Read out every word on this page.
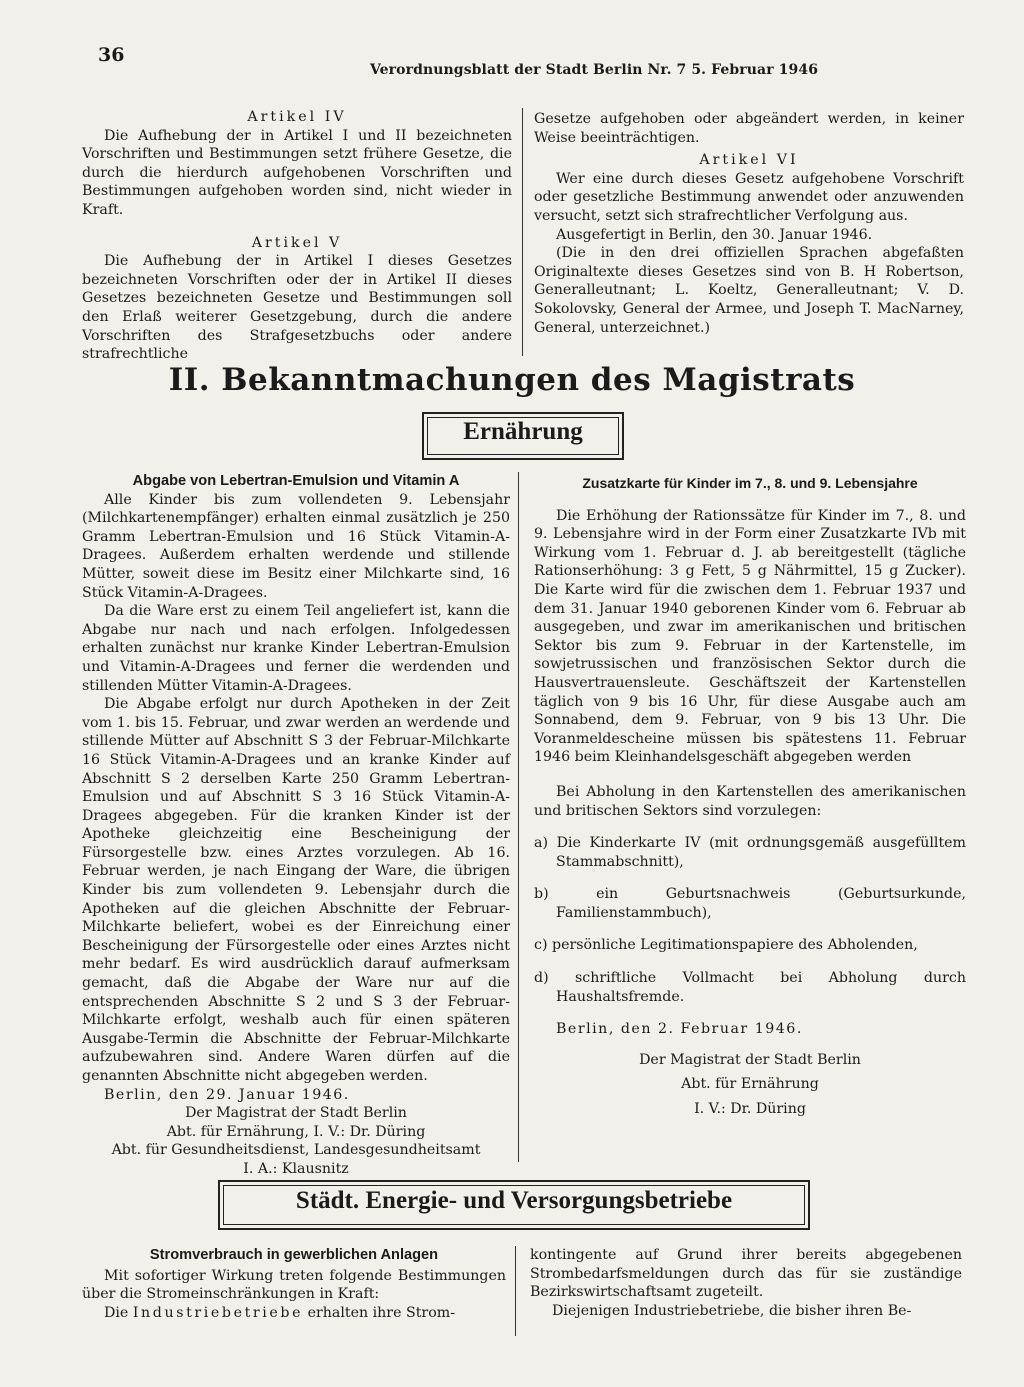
36
Verordnungsblatt der Stadt Berlin Nr. 7 5. Februar 1946

Artikel IV

Die Aufhebung der in Artikel I und II bezeichneten Vorschriften und Bestimmungen setzt frühere Gesetze, die durch die hierdurch aufgehobenen Vorschriften und Bestimmungen aufgehoben worden sind, nicht wieder in Kraft.

Artikel V

Die Aufhebung der in Artikel I dieses Gesetzes bezeichneten Vorschriften oder der in Artikel II dieses Gesetzes bezeichneten Gesetze und Bestimmungen soll den Erlaß weiterer Gesetzgebung, durch die andere Vorschriften des Strafgesetzbuchs oder andere strafrechtliche

Gesetze aufgehoben oder abgeändert werden, in keiner Weise beeinträchtigen.

Artikel VI

Wer eine durch dieses Gesetz aufgehobene Vorschrift oder gesetzliche Bestimmung anwendet oder anzuwenden versucht, setzt sich strafrechtlicher Verfolgung aus.

Ausgefertigt in Berlin, den 30. Januar 1946.

(Die in den drei offiziellen Sprachen abgefaßten Originaltexte dieses Gesetzes sind von B. H Robertson, Generalleutnant; L. Koeltz, Generalleutnant; V. D. Sokolovsky, General der Armee, und Joseph T. MacNarney, General, unterzeichnet.)

II. Bekanntmachungen des Magistrats
Ernährung

Abgabe von Lebertran-Emulsion und Vitamin A

Alle Kinder bis zum vollendeten 9. Lebensjahr (Milchkartenempfänger) erhalten einmal zusätzlich je 250 Gramm Lebertran-Emulsion und 16 Stück Vitamin-A-Dragees. Außerdem erhalten werdende und stillende Mütter, soweit diese im Besitz einer Milchkarte sind, 16 Stück Vitamin-A-Dragees.

Da die Ware erst zu einem Teil angeliefert ist, kann die Abgabe nur nach und nach erfolgen. Infolgedessen erhalten zunächst nur kranke Kinder Lebertran-Emulsion und Vitamin-A-Dragees und ferner die werdenden und stillenden Mütter Vitamin-A-Dragees.

Die Abgabe erfolgt nur durch Apotheken in der Zeit vom 1. bis 15. Februar, und zwar werden an werdende und stillende Mütter auf Abschnitt S 3 der Februar-Milchkarte 16 Stück Vitamin-A-Dragees und an kranke Kinder auf Abschnitt S 2 derselben Karte 250 Gramm Lebertran-Emulsion und auf Abschnitt S 3 16 Stück Vitamin-A-Dragees abgegeben. Für die kranken Kinder ist der Apotheke gleichzeitig eine Bescheinigung der Fürsorgestelle bzw. eines Arztes vorzulegen. Ab 16. Februar werden, je nach Eingang der Ware, die übrigen Kinder bis zum vollendeten 9. Lebensjahr durch die Apotheken auf die gleichen Abschnitte der Februar-Milchkarte beliefert, wobei es der Einreichung einer Bescheinigung der Fürsorgestelle oder eines Arztes nicht mehr bedarf. Es wird ausdrücklich darauf aufmerksam gemacht, daß die Abgabe der Ware nur auf die entsprechenden Abschnitte S 2 und S 3 der Februar-Milchkarte erfolgt, weshalb auch für einen späteren Ausgabe-Termin die Abschnitte der Februar-Milchkarte aufzubewahren sind. Andere Waren dürfen auf die genannten Abschnitte nicht abgegeben werden.

Berlin, den 29. Januar 1946.

Der Magistrat der Stadt Berlin

Abt. für Ernährung, I. V.: Dr. Düring

Abt. für Gesundheitsdienst, Landesgesundheitsamt

I. A.: Klausnitz

Zusatzkarte für Kinder im 7., 8. und 9. Lebensjahre

Die Erhöhung der Rationssätze für Kinder im 7., 8. und 9. Lebensjahre wird in der Form einer Zusatzkarte IVb mit Wirkung vom 1. Februar d. J. ab bereitgestellt (tägliche Rationserhöhung: 3 g Fett, 5 g Nährmittel, 15 g Zucker). Die Karte wird für die zwischen dem 1. Februar 1937 und dem 31. Januar 1940 geborenen Kinder vom 6. Februar ab ausgegeben, und zwar im amerikanischen und britischen Sektor bis zum 9. Februar in der Kartenstelle, im sowjetrussischen und französischen Sektor durch die Hausvertrauensleute. Geschäftszeit der Kartenstellen täglich von 9 bis 16 Uhr, für diese Ausgabe auch am Sonnabend, dem 9. Februar, von 9 bis 13 Uhr. Die Voranmeldescheine müssen bis spätestens 11. Februar 1946 beim Kleinhandelsgeschäft abgegeben werden

Bei Abholung in den Kartenstellen des amerikanischen und britischen Sektors sind vorzulegen:

a) Die Kinderkarte IV (mit ordnungsgemäß ausgefülltem Stammabschnitt),

b) ein Geburtsnachweis (Geburtsurkunde, Familienstammbuch),

c) persönliche Legitimationspapiere des Abholenden,

d) schriftliche Vollmacht bei Abholung durch Haushaltsfremde.

Berlin, den 2. Februar 1946.

Der Magistrat der Stadt Berlin

Abt. für Ernährung

I. V.: Dr. Düring

Städt. Energie- und Versorgungsbetriebe

Stromverbrauch in gewerblichen Anlagen

Mit sofortiger Wirkung treten folgende Bestimmungen über die Stromeinschränkungen in Kraft:

Die Industriebetriebe erhalten ihre Strom-

kontingente auf Grund ihrer bereits abgegebenen Strombedarfsmeldungen durch das für sie zuständige Bezirkswirtschaftsamt zugeteilt.

Diejenigen Industriebetriebe, die bisher ihren Be-
